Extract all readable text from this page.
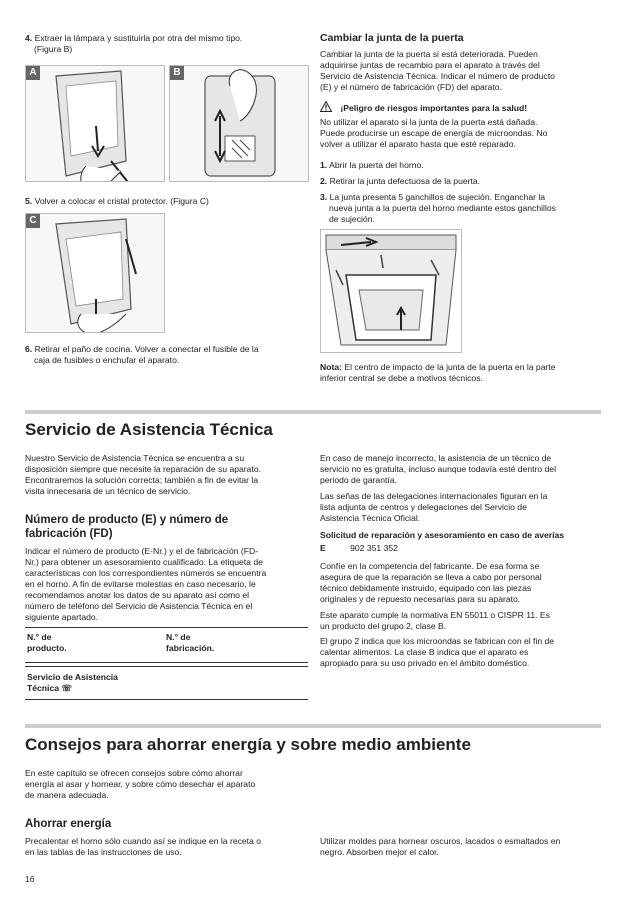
4. Extraer la lámpara y sustituirla por otra del mismo tipo.
(Figura B)
A	B
5. Volver a colocar el cristal protector. (Figura C)
C
6. Retirar el paño de cocina. Volver a conectar el fusible de la
caja de fusibles o enchufar el aparato.
Cambiar la junta de la puerta

Cambiar la junta de la puerta si está deteriorada. Pueden

adquirirse juntas de recambio para el aparato a través del

Servicio de Asistencia Técnica. Indicar el número de producto

(E) y el número de fabricación (FD) del aparato.

¡Peligro de riesgos importantes para la salud!

No utilizar el aparato si la junta de la puerta está dañada.

Puede producirse un escape de energía de microondas. No

volver a utilizar el aparato hasta que esté reparado.

1. Abrir la puerta del horno.
2. Retirar la junta defectuosa de la puerta.
3. La junta presenta 5 ganchillos de sujeción. Enganchar la
nueva junta a la puerta del horno mediante estos ganchillos
de sujeción.
Nota: El centro de impacto de la junta de la puerta en la parte
inferior central se debe a motivos técnicos.
Servicio de Asistencia Técnica

Nuestro Servicio de Asistencia Técnica se encuentra a su

disposición siempre que necesite la reparación de su aparato.

Encontraremos la solución correcta; también a fin de evitar la

visita innecesaria de un técnico de servicio.

Número de producto (E) y número de

fabricación (FD)

Indicar el número de producto (E-Nr.) y el de fabricación (FD-

Nr.) para obtener un asesoramiento cualificado. La etiqueta de

características con los correspondientes números se encuentra

en el horno. A fin de evitarse molestias en caso necesario, le

recomendamos anotar los datos de su aparato así como el

número de teléfono del Servicio de Asistencia Técnica en el

siguiente apartado.

N.° de

producto.

N.° de

fabricación.

Servicio de Asistencia

Técnica ☏

En caso de manejo incorrecto, la asistencia de un técnico de

servicio no es gratuita, incluso aunque todavía esté dentro del

periodo de garantía.

Las señas de las delegaciones internacionales figuran en la

lista adjunta de centros y delegaciones del Servicio de

Asistencia Técnica Oficial.

Solicitud de reparación y asesoramiento en caso de averías
E	902 351 352

Confíe en la competencia del fabricante. De esa forma se

asegura de que la reparación se lleva a cabo por personal

técnico debidamente instruido, equipado con las piezas

originales y de repuesto necesarias para su aparato.

Este aparato cumple la normativa EN 55011 o CISPR 11. Es

un producto del grupo 2, clase B.

El grupo 2 indica que los microondas se fabrican con el fin de

calentar alimentos. La clase B indica que el aparato es

apropiado para su uso privado en el ámbito doméstico.

Consejos para ahorrar energía y sobre medio ambiente

En este capítulo se ofrecen consejos sobre cómo ahorrar

energía al asar y hornear, y sobre cómo desechar el aparato

de manera adecuada.

Ahorrar energía

Precalentar el horno sólo cuando así se indique en la receta o

en las tablas de las instrucciones de uso.

Utilizar moldes para hornear oscuros, lacados o esmaltados en

negro. Absorben mejor el calor.

16
